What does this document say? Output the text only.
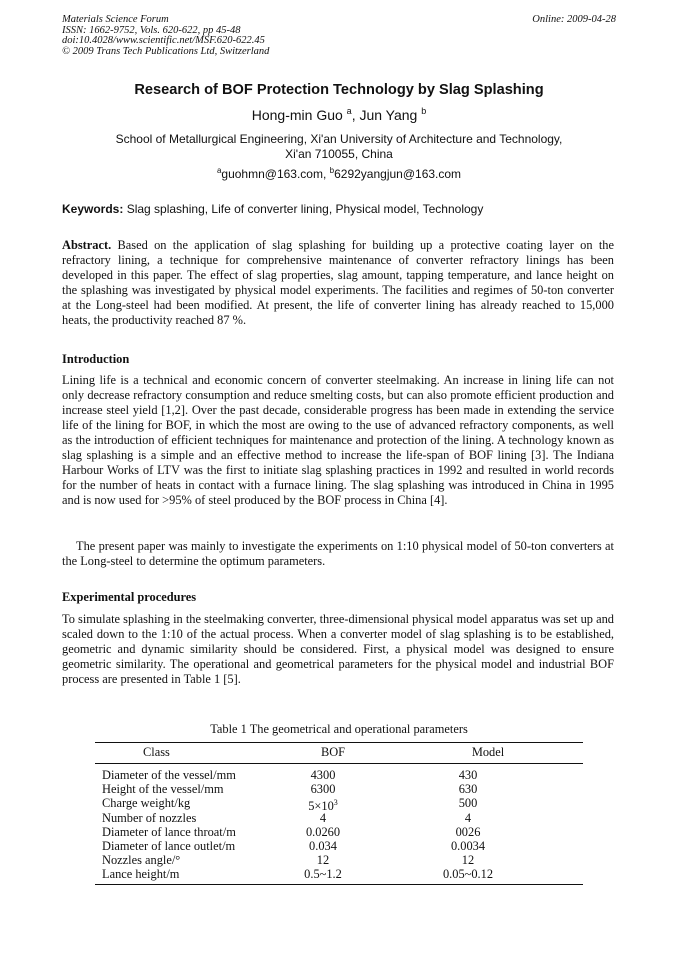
Materials Science Forum
ISSN: 1662-9752, Vols. 620-622, pp 45-48
doi:10.4028/www.scientific.net/MSF.620-622.45
© 2009 Trans Tech Publications Ltd, Switzerland
Online: 2009-04-28
Research of BOF Protection Technology by Slag Splashing
Hong-min Guo $^a$, Jun Yang $^b$
School of Metallurgical Engineering, Xi'an University of Architecture and Technology,
Xi'an 710055, China
$^a$guohmn@163.com, $^b$6292yangjun@163.com
Keywords: Slag splashing, Life of converter lining, Physical model, Technology

Abstract. Based on the application of slag splashing for building up a protective coating layer on the refractory lining, a technique for comprehensive maintenance of converter refractory linings has been developed in this paper. The effect of slag properties, slag amount, tapping temperature, and lance height on the splashing was investigated by physical model experiments. The facilities and regimes of 50-ton converter at the Long-steel had been modified. At present, the life of converter lining has already reached to 15,000 heats, the productivity reached 87 %.

Introduction

Lining life is a technical and economic concern of converter steelmaking. An increase in lining life can not only decrease refractory consumption and reduce smelting costs, but can also promote efficient production and increase steel yield [1,2]. Over the past decade, considerable progress has been made in extending the service life of the lining for BOF, in which the most are owing to the use of advanced refractory components, as well as the introduction of efficient techniques for maintenance and protection of the lining. A technology known as slag splashing is a simple and an effective method to increase the life-span of BOF lining [3]. The Indiana Harbour Works of LTV was the first to initiate slag splashing practices in 1992 and resulted in world records for the number of heats in contact with a furnace lining. The slag splashing was introduced in China in 1995 and is now used for >95% of steel produced by the BOF process in China [4].

The present paper was mainly to investigate the experiments on 1:10 physical model of 50-ton converters at the Long-steel to determine the optimum parameters.

Experimental procedures

To simulate splashing in the steelmaking converter, three-dimensional physical model apparatus was set up and scaled down to the 1:10 of the actual process. When a converter model of slag splashing is to be established, geometric and dynamic similarity should be considered. First, a physical model was designed to ensure geometric similarity. The operational and geometrical parameters for the physical model and industrial BOF process are presented in Table 1 [5].

Table 1 The geometrical and operational parameters
Class	BOF	Model
Diameter of the vessel/mm	4300	430
Height of the vessel/mm	6300	630
Charge weight/kg	$5\times 10^3$	500
Number of nozzles	4	4
Diameter of lance throat/m	0.0260	0026
Diameter of lance outlet/m	0.034	0.0034
Nozzles angle/°	12	12
Lance height/m	0.5~1.2	0.05~0.12
